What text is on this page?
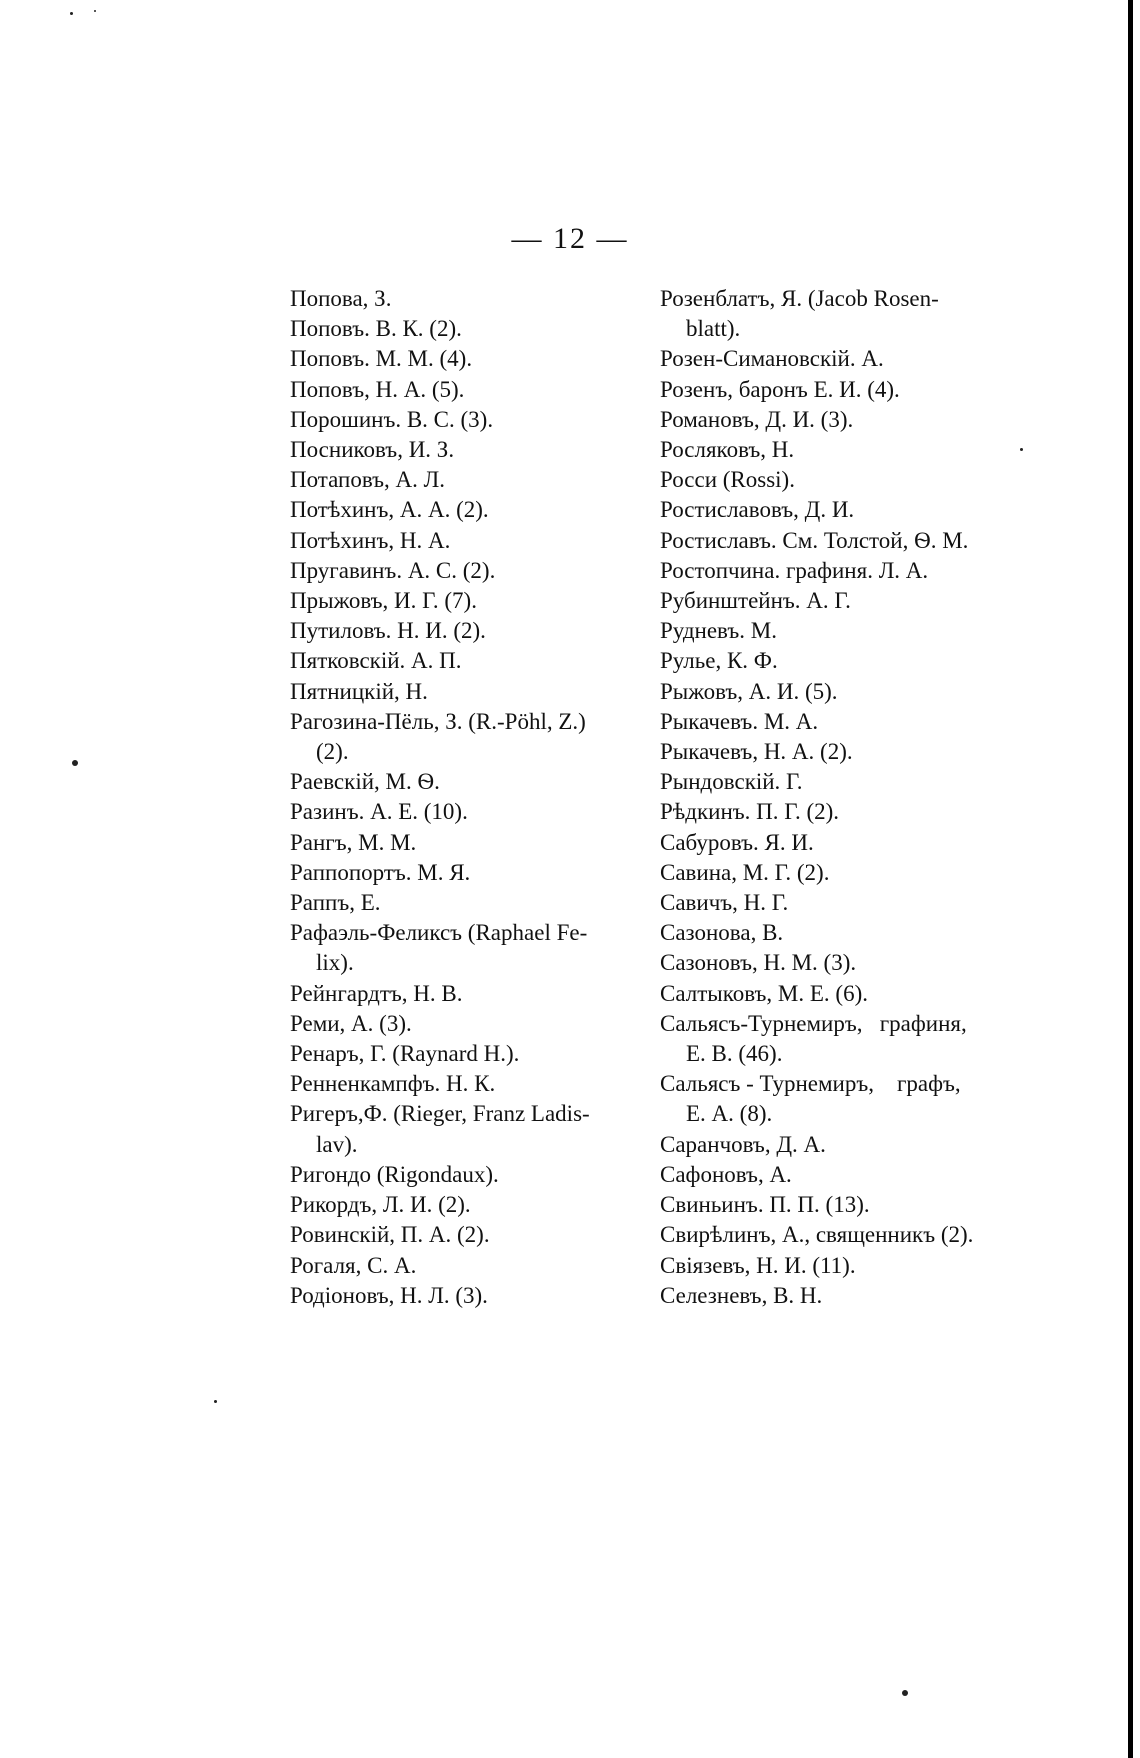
— 12 —
Попова, З.
Поповъ. В. К. (2).
Поповъ. М. М. (4).
Поповъ, Н. А. (5).
Порошинъ. В. С. (3).
Посниковъ, И. З.
Потаповъ, А. Л.
Потѣхинъ, А. А. (2).
Потѣхинъ, Н. А.
Пругавинъ. А. С. (2).
Прыжовъ, И. Г. (7).
Путиловъ. Н. И. (2).
Пятковскій. А. П.
Пятницкій, Н.
Рагозина-Пёль, З. (R.-Pöhl, Z.)
(2).
Раевскій, М. Ѳ.
Разинъ. А. Е. (10).
Рангъ, М. М.
Раппопортъ. М. Я.
Раппъ, Е.
Рафаэль-Феликсъ (Raphael Fe-
lix).
Рейнгардтъ, Н. В.
Реми, А. (3).
Ренаръ, Г. (Raynard H.).
Ренненкампфъ. Н. К.
Ригеръ,Ф. (Rieger, Franz Ladis-
lav).
Ригондо (Rigondaux).
Рикордъ, Л. И. (2).
Ровинскій, П. А. (2).
Рогаля, С. А.
Родіоновъ, Н. Л. (3).
Розенблатъ, Я. (Jacob Rosen-
blatt).
Розен-Симановскій. А.
Розенъ, баронъ Е. И. (4).
Романовъ, Д. И. (3).
Росляковъ, Н.
Росси (Rossi).
Ростиславовъ, Д. И.
Ростиславъ. См. Толстой, Ѳ. М.
Ростопчина. графиня. Л. А.
Рубинштейнъ. А. Г.
Рудневъ. М.
Рулье, К. Ф.
Рыжовъ, А. И. (5).
Рыкачевъ. М. А.
Рыкачевъ, Н. А. (2).
Рындовскій. Г.
Рѣдкинъ. П. Г. (2).
Сабуровъ. Я. И.
Савина, М. Г. (2).
Савичъ, Н. Г.
Сазонова, В.
Сазоновъ, Н. М. (3).
Салтыковъ, М. Е. (6).
Сальясъ-Турнемиръ,   графиня,
Е. В. (46).
Сальясъ - Турнемиръ,    графъ,
Е. А. (8).
Саранчовъ, Д. А.
Сафоновъ, А.
Свиньинъ. П. П. (13).
Свирѣлинъ, А., священникъ (2).
Свіязевъ, Н. И. (11).
Селезневъ, В. Н.
